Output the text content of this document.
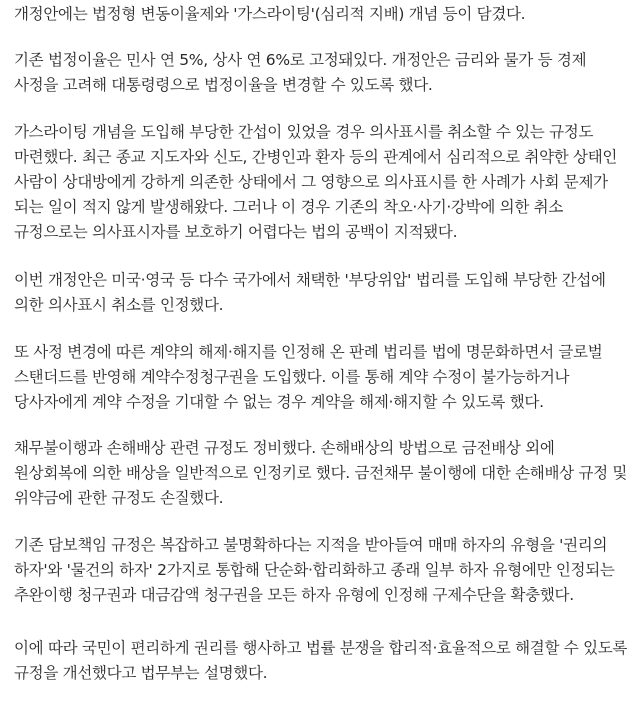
개정안에는 법정형 변동이율제와 '가스라이팅'(심리적 지배) 개념 등이 담겼다.

기존 법정이율은 민사 연 5%, 상사 연 6%로 고정돼있다. 개정안은 금리와 물가 등 경제 사정을 고려해 대통령령으로 법정이율을 변경할 수 있도록 했다.

가스라이팅 개념을 도입해 부당한 간섭이 있었을 경우 의사표시를 취소할 수 있는 규정도 마련했다. 최근 종교 지도자와 신도, 간병인과 환자 등의 관계에서 심리적으로 취약한 상태인 사람이 상대방에게 강하게 의존한 상태에서 그 영향으로 의사표시를 한 사례가 사회 문제가 되는 일이 적지 않게 발생해왔다. 그러나 이 경우 기존의 착오·사기·강박에 의한 취소 규정으로는 의사표시자를 보호하기 어렵다는 법의 공백이 지적됐다.

이번 개정안은 미국·영국 등 다수 국가에서 채택한 '부당위압' 법리를 도입해 부당한 간섭에 의한 의사표시 취소를 인정했다.

또 사정 변경에 따른 계약의 해제·해지를 인정해 온 판례 법리를 법에 명문화하면서 글로벌 스탠더드를 반영해 계약수정청구권을 도입했다. 이를 통해 계약 수정이 불가능하거나 당사자에게 계약 수정을 기대할 수 없는 경우 계약을 해제·해지할 수 있도록 했다.

채무불이행과 손해배상 관련 규정도 정비했다. 손해배상의 방법으로 금전배상 외에 원상회복에 의한 배상을 일반적으로 인정키로 했다. 금전채무 불이행에 대한 손해배상 규정 및 위약금에 관한 규정도 손질했다.

기존 담보책임 규정은 복잡하고 불명확하다는 지적을 받아들여 매매 하자의 유형을 '권리의 하자'와 '물건의 하자' 2가지로 통합해 단순화·합리화하고 종래 일부 하자 유형에만 인정되는 추완이행 청구권과 대금감액 청구권을 모든 하자 유형에 인정해 구제수단을 확충했다.

이에 따라 국민이 편리하게 권리를 행사하고 법률 분쟁을 합리적·효율적으로 해결할 수 있도록 규정을 개선했다고 법무부는 설명했다.
